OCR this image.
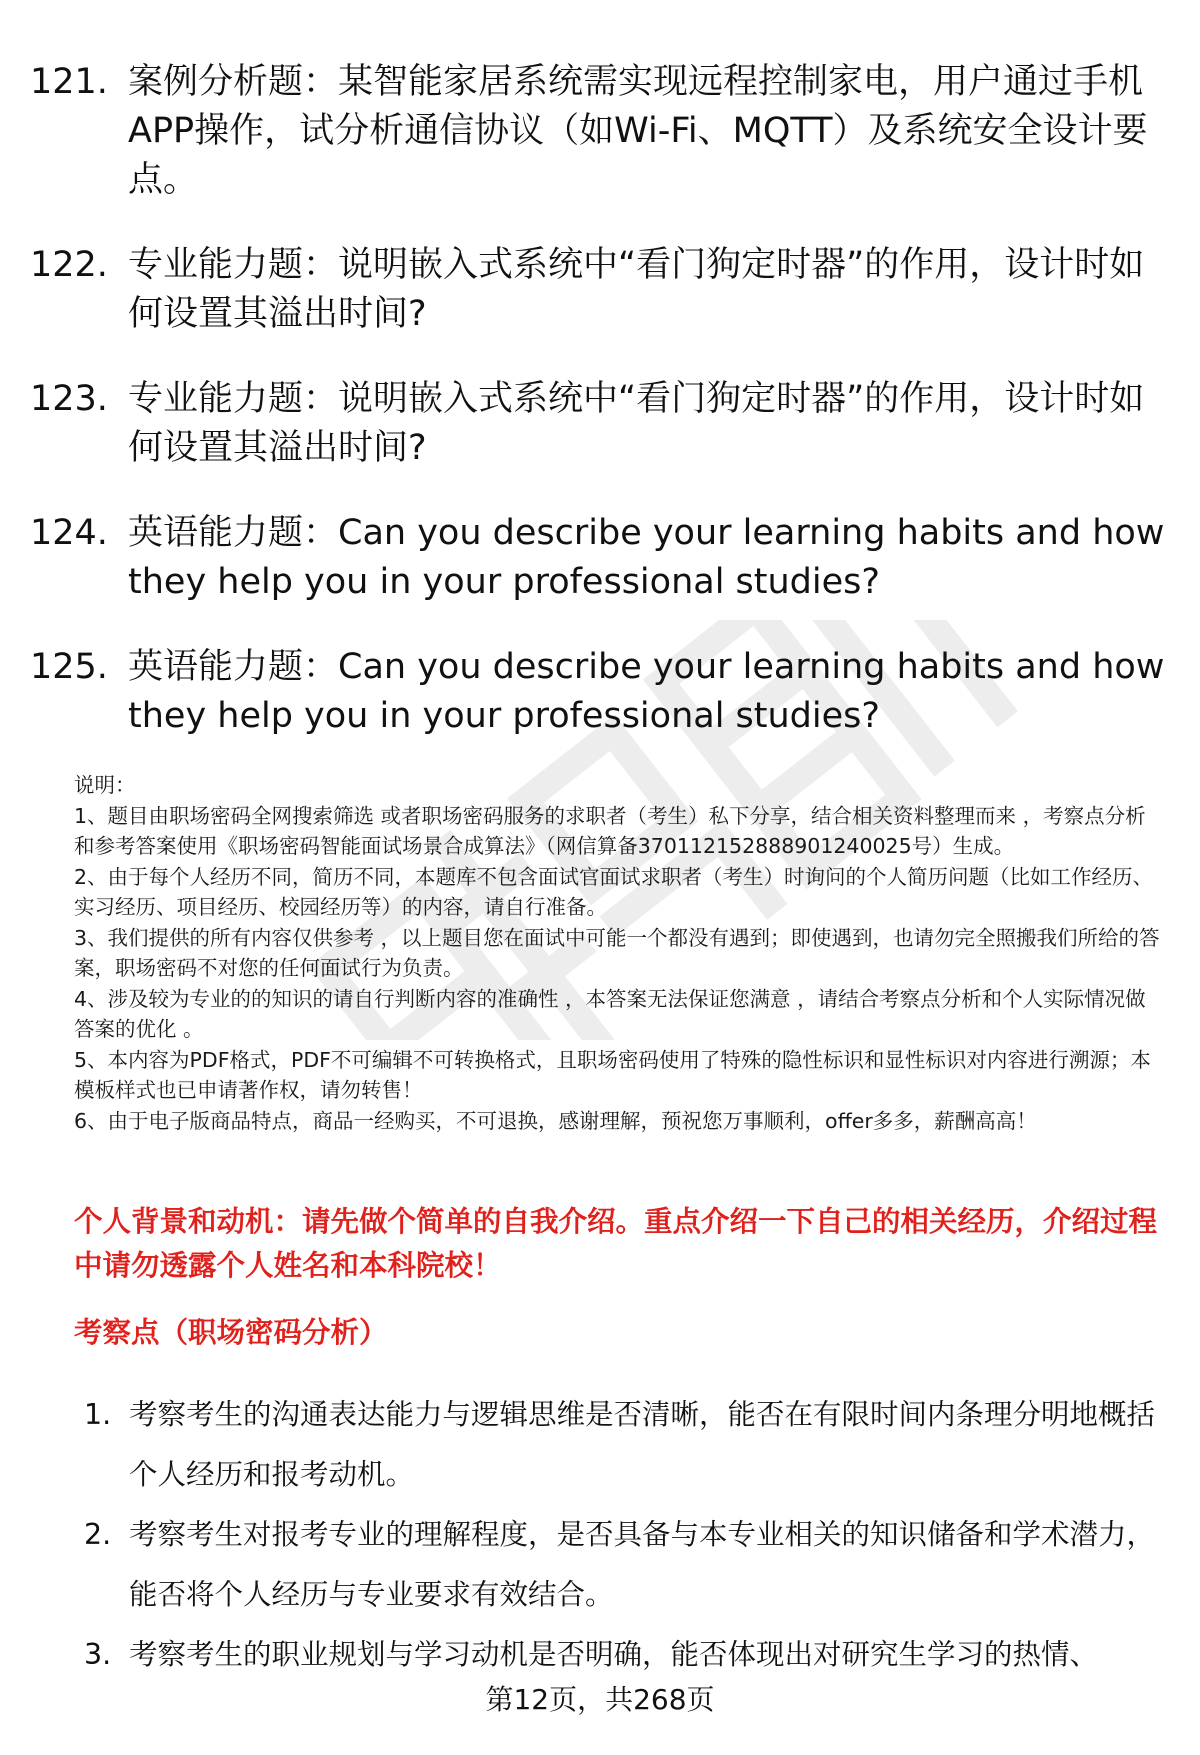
121. 案例分析题：某智能家居系统需实现远程控制家电，用户通过手机APP操作，试分析通信协议（如Wi-Fi、MQTT）及系统安全设计要点。
122. 专业能力题：说明嵌入式系统中“看门狗定时器”的作用，设计时如何设置其溢出时间?
123. 专业能力题：说明嵌入式系统中“看门狗定时器”的作用，设计时如何设置其溢出时间?
124. 英语能力题：Can you describe your learning habits and how they help you in your professional studies?
125. 英语能力题：Can you describe your learning habits and how they help you in your professional studies?

说明：

1、题目由职场密码全网搜索筛选 或者职场密码服务的求职者（考生）私下分享，结合相关资料整理而来 ，考察点分析和参考答案使用《职场密码智能面试场景合成算法》（网信算备370112152888901240025号）生成。

2、由于每个人经历不同，简历不同，本题库不包含面试官面试求职者（考生）时询问的个人简历问题（比如工作经历、实习经历、项目经历、校园经历等）的内容，请自行准备。

3、我们提供的所有内容仅供参考 ，以上题目您在面试中可能一个都没有遇到；即使遇到，也请勿完全照搬我们所给的答案，职场密码不对您的任何面试行为负责。

4、涉及较为专业的的知识的请自行判断内容的准确性 ，本答案无法保证您满意 ，请结合考察点分析和个人实际情况做答案的优化 。

5、本内容为PDF格式，PDF不可编辑不可转换格式，且职场密码使用了特殊的隐性标识和显性标识对内容进行溯源；本模板样式也已申请著作权，请勿转售！

6、由于电子版商品特点，商品一经购买，不可退换，感谢理解，预祝您万事顺利，offer多多，薪酬高高！

个人背景和动机：请先做个简单的自我介绍。重点介绍一下自己的相关经历，介绍过程中请勿透露个人姓名和本科院校！
考察点（职场密码分析）
1. 考察考生的沟通表达能力与逻辑思维是否清晰，能否在有限时间内条理分明地概括个人经历和报考动机。
2. 考察考生对报考专业的理解程度，是否具备与本专业相关的知识储备和学术潜力，能否将个人经历与专业要求有效结合。
3. 考察考生的职业规划与学习动机是否明确，能否体现出对研究生学习的热情、
第12页，共268页
